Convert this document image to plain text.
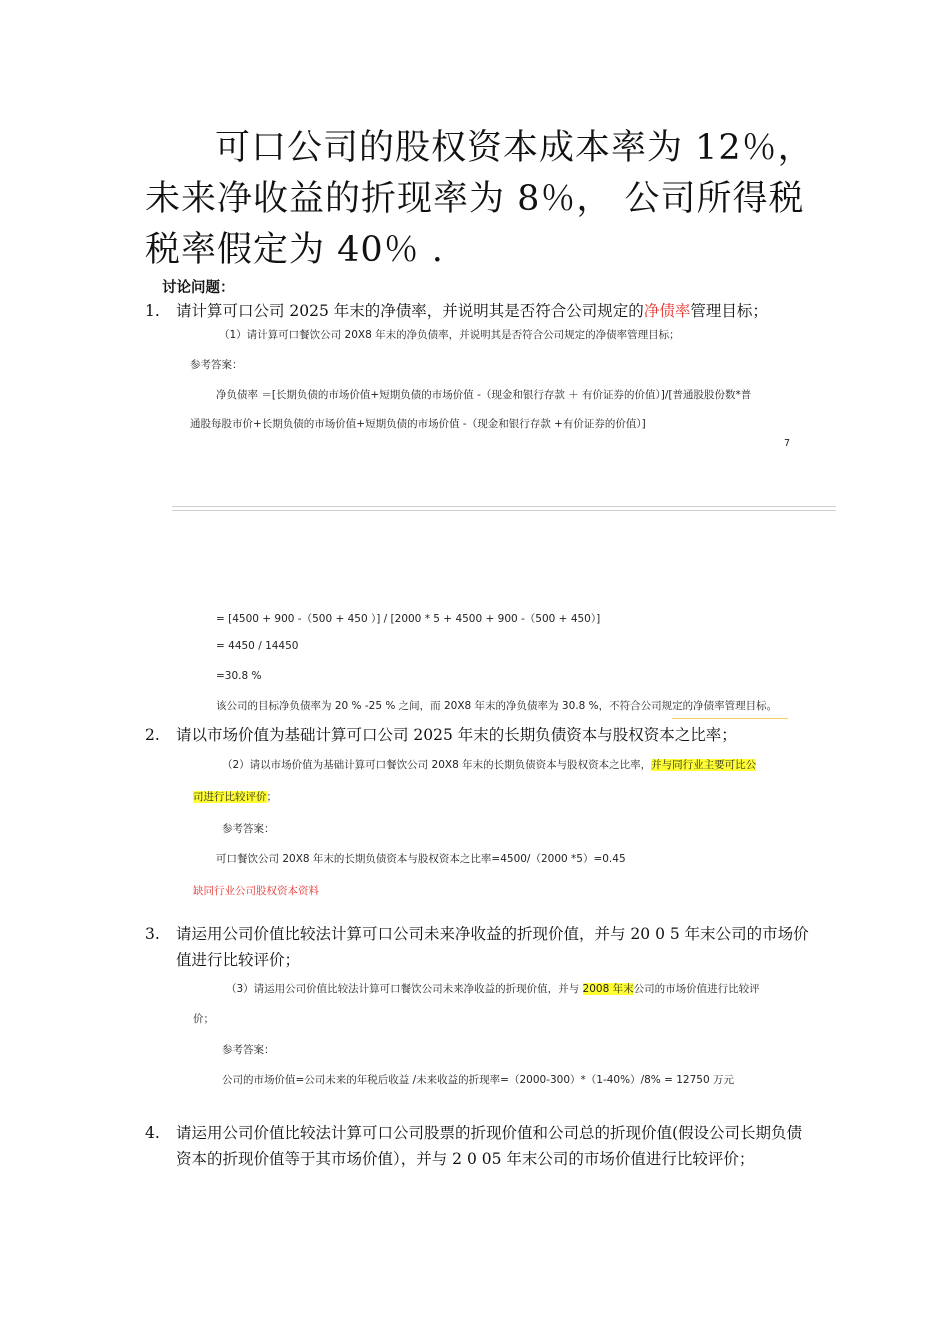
可口公司的股权资本成本率为 12％，
未来净收益的折现率为 8％， 公司所得税
税率假定为 40％ .
讨论问题：
1.	请计算可口公司 2025 年末的净债率，并说明其是否符合公司规定的净债率管理目标；
（1）请计算可口餐饮公司 20X8 年末的净负债率，并说明其是否符合公司规定的净债率管理目标；
参考答案：
净负债率 ＝[长期负债的市场价值+短期负债的市场价值 -（现金和银行存款 ＋ 有价证券的价值）]/[普通股股份数*普
通股每股市价+长期负债的市场价值+短期负债的市场价值 -（现金和银行存款 +有价证券的价值）]
7
= [4500 + 900 -（500 + 450 ）] / [2000 * 5 + 4500 + 900 -（500 + 450）]
= 4450 / 14450
=30.8 %
该公司的目标净负债率为 20 % -25 % 之间，而 20X8 年末的净负债率为 30.8 %，不符合公司规定的净债率管理目标。
2.	请以市场价值为基础计算可口公司 2025 年末的长期负债资本与股权资本之比率；
（2）请以市场价值为基础计算可口餐饮公司 20X8 年末的长期负债资本与股权资本之比率，并与同行业主要可比公
司进行比较评价；
参考答案：
可口餐饮公司 20X8 年末的长期负债资本与股权资本之比率=4500/（2000 *5）=0.45
缺同行业公司股权资本资料
3.	请运用公司价值比较法计算可口公司未来净收益的折现价值，并与 20 0 5 年末公司的市场价值进行比较评价；
（3）请运用公司价值比较法计算可口餐饮公司未来净收益的折现价值，并与 2008 年末公司的市场价值进行比较评
价；
参考答案：
公司的市场价值=公司未来的年税后收益 /未来收益的折现率=（2000-300）*（1-40%）/8% = 12750 万元
4.	请运用公司价值比较法计算可口公司股票的折现价值和公司总的折现价值(假设公司长期负债资本的折现价值等于其市场价值），并与 2 0 05 年末公司的市场价值进行比较评价；
